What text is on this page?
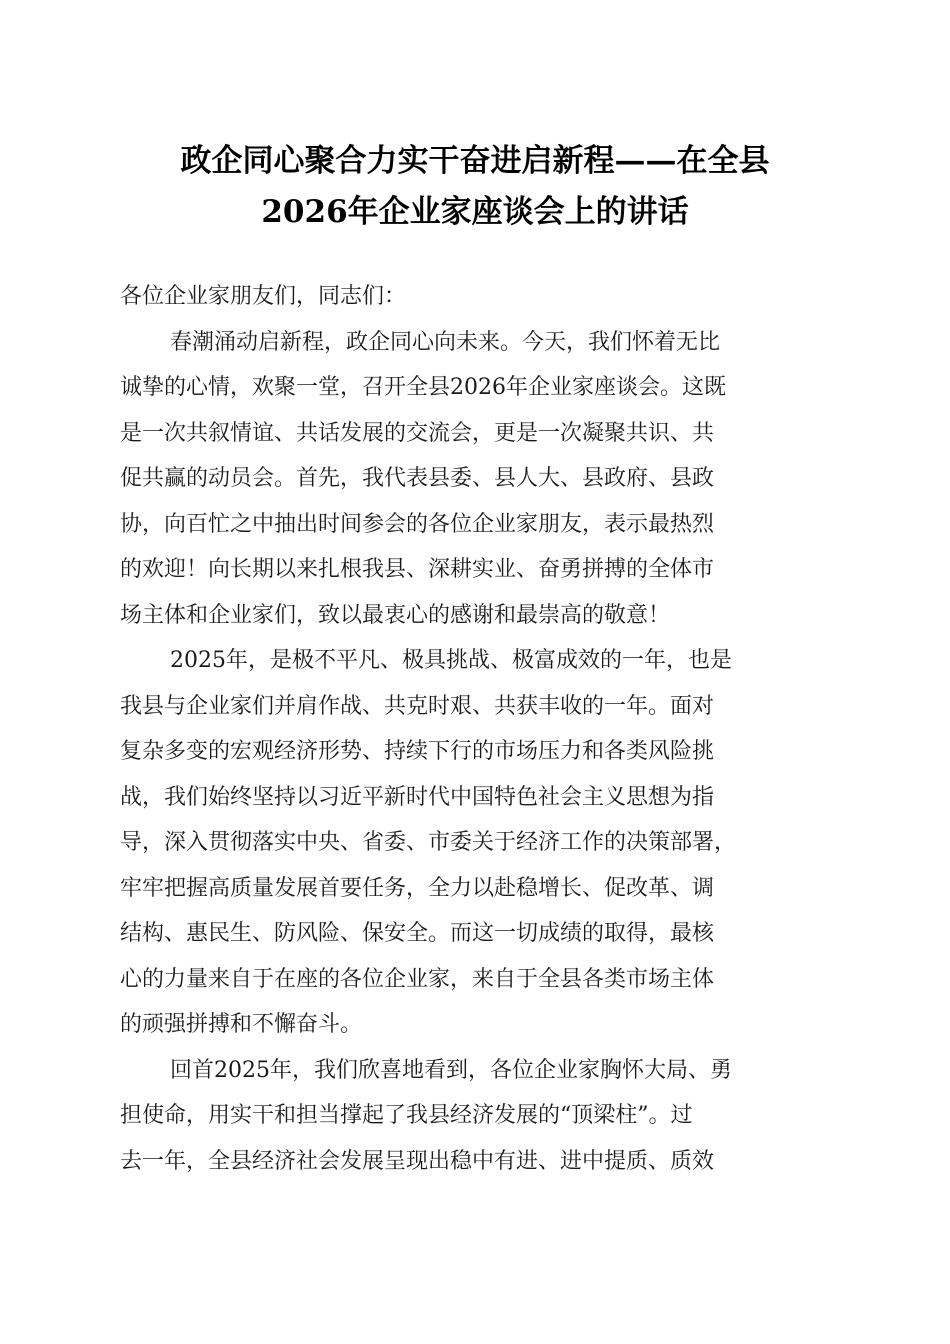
政企同心聚合力实干奋进启新程——在全县
2026年企业家座谈会上的讲话
各位企业家朋友们，同志们：
春潮涌动启新程，政企同心向未来。今天，我们怀着无比
诚挚的心情，欢聚一堂，召开全县2026年企业家座谈会。这既
是一次共叙情谊、共话发展的交流会，更是一次凝聚共识、共
促共赢的动员会。首先，我代表县委、县人大、县政府、县政
协，向百忙之中抽出时间参会的各位企业家朋友，表示最热烈
的欢迎！向长期以来扎根我县、深耕实业、奋勇拼搏的全体市
场主体和企业家们，致以最衷心的感谢和最崇高的敬意！
2025年，是极不平凡、极具挑战、极富成效的一年，也是
我县与企业家们并肩作战、共克时艰、共获丰收的一年。面对
复杂多变的宏观经济形势、持续下行的市场压力和各类风险挑
战，我们始终坚持以习近平新时代中国特色社会主义思想为指
导，深入贯彻落实中央、省委、市委关于经济工作的决策部署，
牢牢把握高质量发展首要任务，全力以赴稳增长、促改革、调
结构、惠民生、防风险、保安全。而这一切成绩的取得，最核
心的力量来自于在座的各位企业家，来自于全县各类市场主体
的顽强拼搏和不懈奋斗。
回首2025年，我们欣喜地看到，各位企业家胸怀大局、勇
担使命，用实干和担当撑起了我县经济发展的“顶梁柱”。过
去一年，全县经济社会发展呈现出稳中有进、进中提质、质效
